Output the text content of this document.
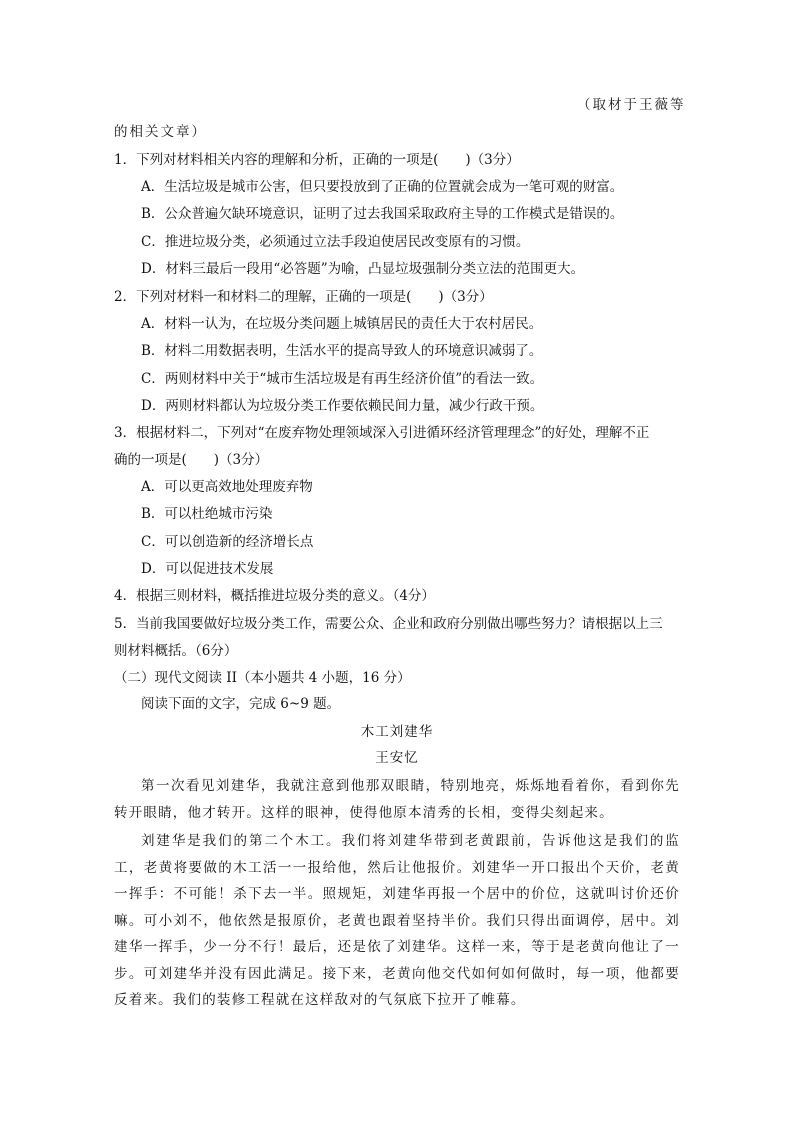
（取材于王薇等
的相关文章）
1．下列对材料相关内容的理解和分析，正确的一项是(　　)（3分）
A．生活垃圾是城市公害，但只要投放到了正确的位置就会成为一笔可观的财富。
B．公众普遍欠缺环境意识，证明了过去我国采取政府主导的工作模式是错误的。
C．推进垃圾分类，必须通过立法手段迫使居民改变原有的习惯。
D．材料三最后一段用“必答题”为喻，凸显垃圾强制分类立法的范围更大。
2．下列对材料一和材料二的理解，正确的一项是(　　)（3分）
A．材料一认为，在垃圾分类问题上城镇居民的责任大于农村居民。
B．材料二用数据表明，生活水平的提高导致人的环境意识减弱了。
C．两则材料中关于“城市生活垃圾是有再生经济价值”的看法一致。
D．两则材料都认为垃圾分类工作要依赖民间力量，减少行政干预。
3．根据材料二，下列对“在废弃物处理领域深入引进循环经济管理理念”的好处，理解不正
确的一项是(　　)（3分）
A．可以更高效地处理废弃物
B．可以杜绝城市污染
C．可以创造新的经济增长点
D．可以促进技术发展
4．根据三则材料，概括推进垃圾分类的意义。（4分）
5．当前我国要做好垃圾分类工作，需要公众、企业和政府分别做出哪些努力？请根据以上三
则材料概括。（6分）
（二）现代文阅读 II（本小题共 4 小题，16 分）
阅读下面的文字，完成 6~9 题。
木工刘建华
王安忆
第一次看见刘建华，我就注意到他那双眼睛，特别地亮，烁烁地看着你，看到你先转开眼睛，他才转开。这样的眼神，使得他原本清秀的长相，变得尖刻起来。
刘建华是我们的第二个木工。我们将刘建华带到老黄跟前，告诉他这是我们的监工，老黄将要做的木工活一一报给他，然后让他报价。刘建华一开口报出个天价，老黄一挥手：不可能！杀下去一半。照规矩，刘建华再报一个居中的价位，这就叫讨价还价嘛。可小刘不，他依然是报原价，老黄也跟着坚持半价。我们只得出面调停，居中。刘建华一挥手，少一分不行！最后，还是依了刘建华。这样一来，等于是老黄向他让了一步。可刘建华并没有因此满足。接下来，老黄向他交代如何如何做时，每一项，他都要反着来。我们的装修工程就在这样敌对的气氛底下拉开了帷幕。
